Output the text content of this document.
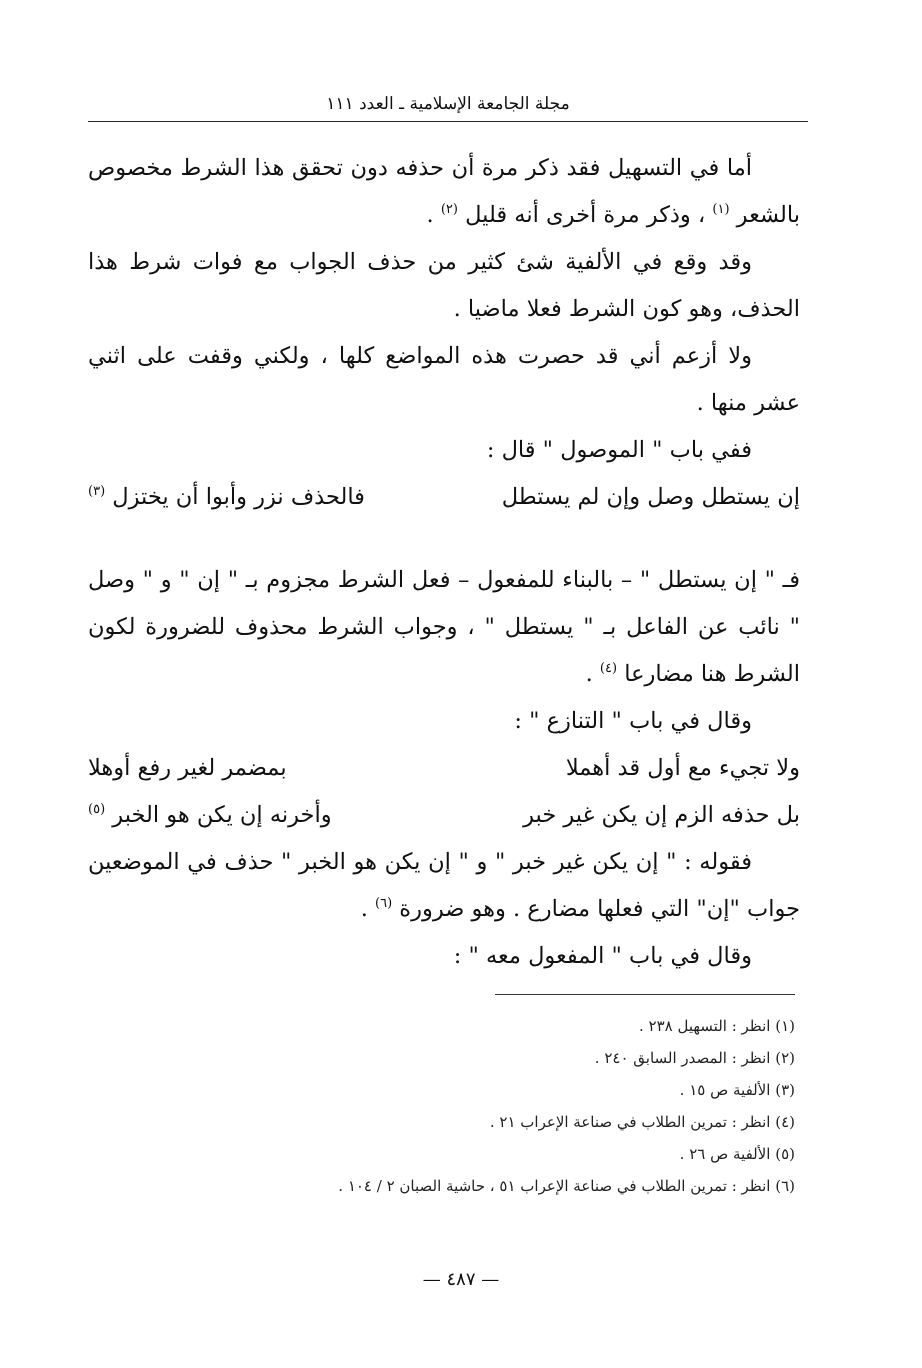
مجلة الجامعة الإسلامية ـ العدد ١١١

أما في التسهيل فقد ذكر مرة أن حذفه دون تحقق هذا الشرط مخصوص بالشعر $^{(١)}$ ، وذكر مرة أخرى أنه قليل $^{(٢)}$ .

وقد وقع في الألفية شئ كثير من حذف الجواب مع فوات شرط هذا الحذف، وهو كون الشرط فعلا ماضيا .

ولا أزعم أني قد حصرت هذه المواضع كلها ، ولكني وقفت على اثني عشر منها .

ففي باب " الموصول " قال :

إن يستطل وصل وإن لم يستطل
فالحذف نزر وأبوا أن يختزل $^{(٣)}$

فـ " إن يستطل " – بالبناء للمفعول – فعل الشرط مجزوم بـ " إن " و " وصل " نائب عن الفاعل بـ " يستطل " ، وجواب الشرط محذوف للضرورة لكون الشرط هنا مضارعا $^{(٤)}$ .

وقال في باب " التنازع " :

ولا تجيء مع أول قد أهملا
بمضمر لغير رفع أوهلا
بل حذفه الزم إن يكن غير خبر
وأخرنه إن يكن هو الخبر $^{(٥)}$

فقوله : " إن يكن غير خبر " و " إن يكن هو الخبر " حذف في الموضعين جواب "إن" التي فعلها مضارع . وهو ضرورة $^{(٦)}$ .

وقال في باب " المفعول معه " :

(١) انظر : التسهيل ٢٣٨ .

(٢) انظر : المصدر السابق ٢٤٠ .

(٣) الألفية ص ١٥ .

(٤) انظر : تمرين الطلاب في صناعة الإعراب ٢١ .

(٥) الألفية ص ٢٦ .

(٦) انظر : تمرين الطلاب في صناعة الإعراب ٥١ ، حاشية الصبان ٢ / ١٠٤ .

— ٤٨٧ —
